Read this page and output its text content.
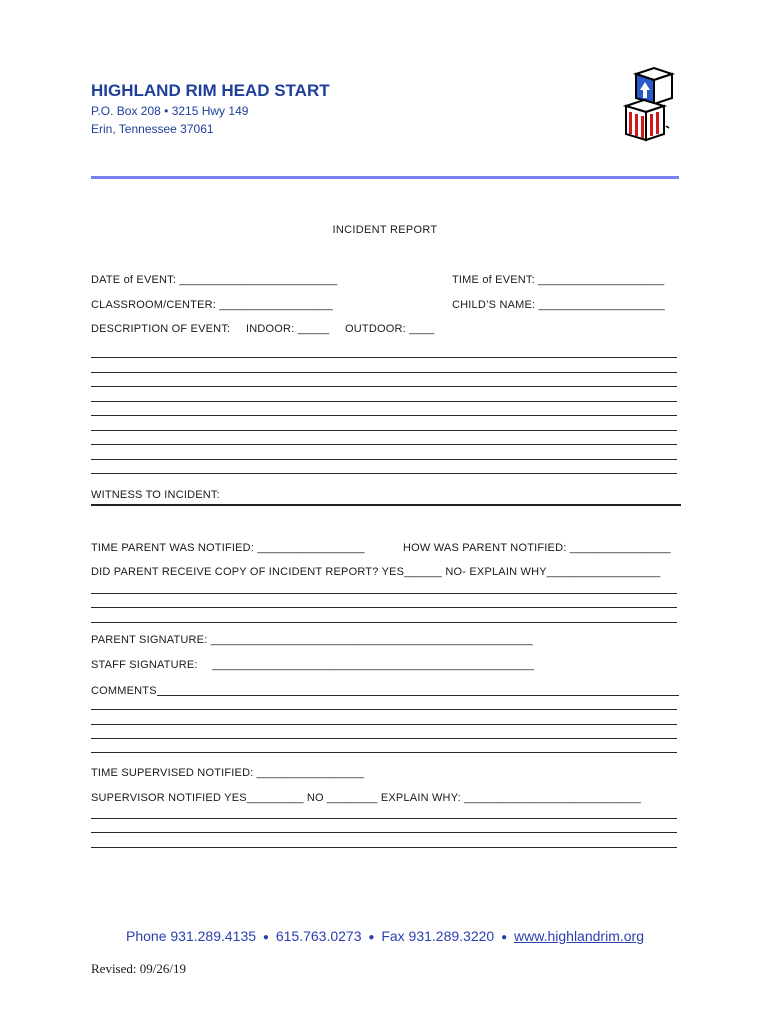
HIGHLAND RIM HEAD START
P.O. Box 208 • 3215 Hwy 149
Erin, Tennessee 37061
INCIDENT REPORT
DATE of EVENT: _________________________	TIME of EVENT: ____________________
CLASSROOM/CENTER: __________________	CHILD’S NAME: ____________________
DESCRIPTION OF EVENT: INDOOR: _____ OUTDOOR: ____
WITNESS TO INCIDENT:
TIME PARENT WAS NOTIFIED: _________________	HOW WAS PARENT NOTIFIED: ________________
DID PARENT RECEIVE COPY OF INCIDENT REPORT? YES______ NO- EXPLAIN WHY__________________
PARENT SIGNATURE: ___________________________________________________
STAFF SIGNATURE: ___________________________________________________
COMMENTS
TIME SUPERVISED NOTIFIED: _________________
SUPERVISOR NOTIFIED YES_________ NO ________ EXPLAIN WHY: ____________________________
Phone 931.289.4135 ● 615.763.0273 ● Fax 931.289.3220 ● www.highlandrim.org
Revised: 09/26/19
